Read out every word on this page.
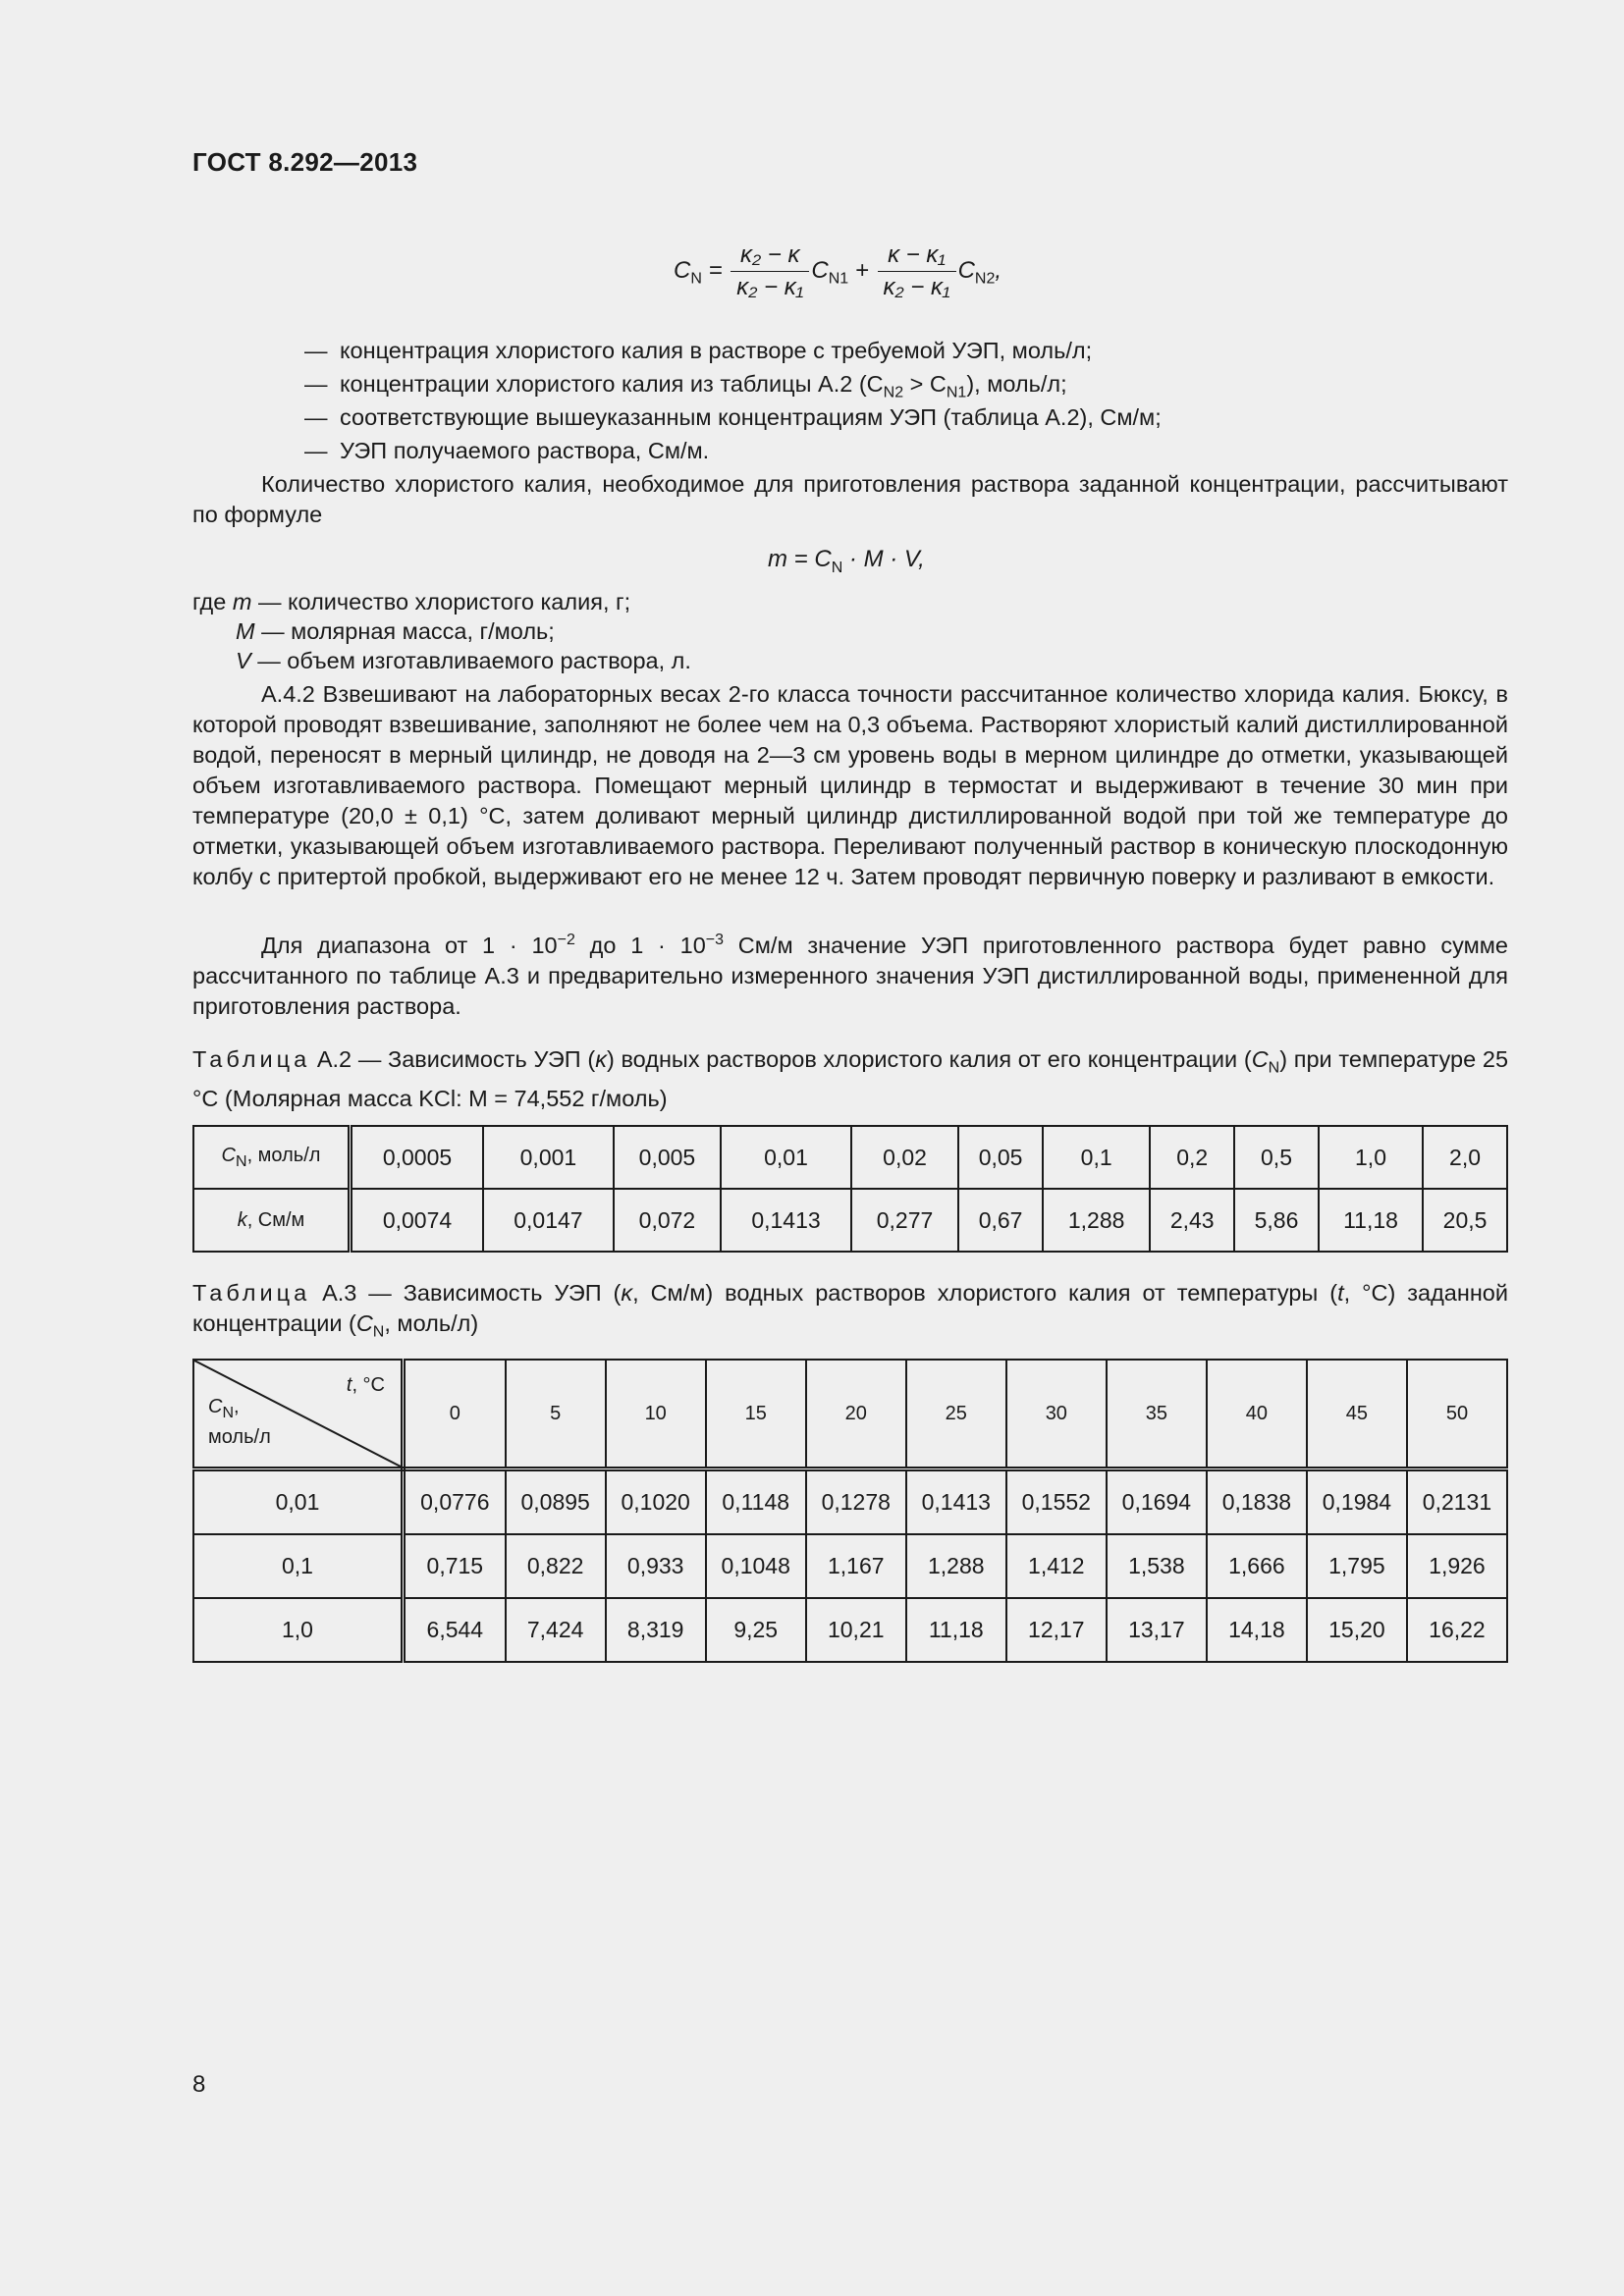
ГОСТ 8.292—2013
$C_N = \frac{\text{κ₂ − κ}}{\text{κ₂ − κ₁}} C_{N1} + \frac{\text{κ − κ₁}}{\text{κ₂ − κ₁}} C_{N2}$,
— концентрация хлористого калия в растворе с требуемой УЭП, моль/л;
— концентрации хлористого калия из таблицы А.2 $(C_{N2} > C_{N1})$, моль/л;
— соответствующие вышеуказанным концентрациям УЭП (таблица А.2), См/м;
— УЭП получаемого раствора, См/м.
Количество хлористого калия, необходимое для приготовления раствора заданной концентрации, рассчитывают по формуле
$m = C_N \cdot M \cdot V$,
где m — количество хлористого калия, г;
M — молярная масса, г/моль;
V — объем изготавливаемого раствора, л.
А.4.2 Взвешивают на лабораторных весах 2-го класса точности рассчитанное количество хлорида калия. Бюксу, в которой проводят взвешивание, заполняют не более чем на 0,3 объема. Растворяют хлористый калий дистиллированной водой, переносят в мерный цилиндр, не доводя на 2—3 см уровень воды в мерном цилиндре до отметки, указывающей объем изготавливаемого раствора. Помещают мерный цилиндр в термостат и выдерживают в течение 30 мин при температуре (20,0 ± 0,1) °С, затем доливают мерный цилиндр дистиллированной водой при той же температуре до отметки, указывающей объем изготавливаемого раствора. Переливают полученный раствор в коническую плоскодонную колбу с притертой пробкой, выдерживают его не менее 12 ч. Затем проводят первичную поверку и разливают в емкости.
Для диапазона от $1 \cdot 10^{-2}$ до $1 \cdot 10^{-3}$ См/м значение УЭП приготовленного раствора будет равно сумме рассчитанного по таблице А.3 и предварительно измеренного значения УЭП дистиллированной воды, примененной для приготовления раствора.
Таблица А.2 — Зависимость УЭП (κ) водных растворов хлористого калия от его концентрации $(C_N)$ при температуре 25 °С (Молярная масса KCl: M = 74,552 г/моль)
$C_N$, моль/л	0,0005	0,001	0,005	0,01	0,02	0,05	0,1	0,2	0,5	1,0	2,0
k, См/м	0,0074	0,0147	0,072	0,1413	0,277	0,67	1,288	2,43	5,86	11,18	20,5
Таблица А.3 — Зависимость УЭП (κ, См/м) водных растворов хлористого калия от температуры (t, °С) заданной концентрации ($C_N$, моль/л)
t, °С
$C_N$,
моль/л	0	5	10	15	20	25	30	35	40	45	50
0,01	0,0776	0,0895	0,1020	0,1148	0,1278	0,1413	0,1552	0,1694	0,1838	0,1984	0,2131
0,1	0,715	0,822	0,933	0,1048	1,167	1,288	1,412	1,538	1,666	1,795	1,926
1,0	6,544	7,424	8,319	9,25	10,21	11,18	12,17	13,17	14,18	15,20	16,22
8
